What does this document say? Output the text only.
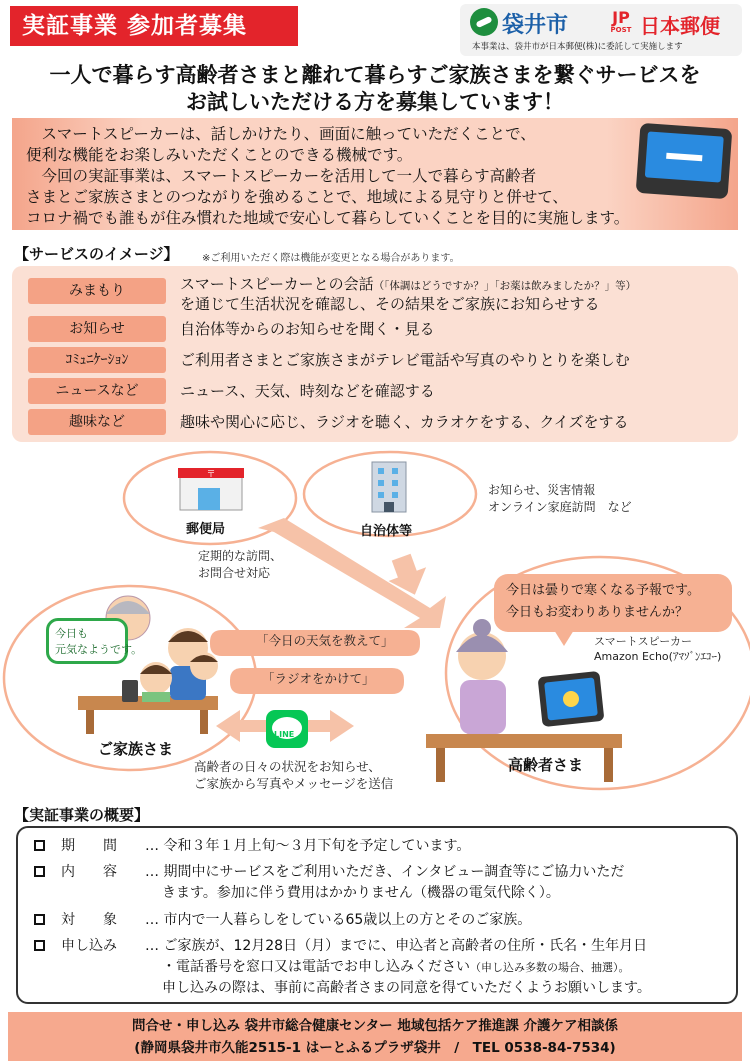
実証事業 参加者募集	袋井市	JP
POST 日本郵便
本事業は、袋井市が日本郵便(株)に委託して実施します
一人で暮らす高齢者さまと離れて暮らすご家族さまを繋ぐサービスを
お試しいただける方を募集しています！

　スマートスピーカーは、話しかけたり、画面に触っていただくことで、

便利な機能をお楽しみいただくことのできる機械です。

　今回の実証事業は、スマートスピーカーを活用して一人で暮らす高齢者

さまとご家族さまとのつながりを強めることで、地域による見守りと併せて、

コロナ禍でも誰もが住み慣れた地域で安心して暮らしていくことを目的に実施します。

【サービスのイメージ】 ※ご利用いただく際は機能が変更となる場合があります。
みまもり	スマートスピーカーとの会話（「体調はどうですか？」「お薬は飲みましたか？」等）
を通じて生活状況を確認し、その結果をご家族にお知らせする
お知らせ	自治体等からのお知らせを聞く・見る
ｺﾐｭﾆｹｰｼｮﾝ	ご利用者さまとご家族さまがテレビ電話や写真のやりとりを楽しむ
ニュースなど	ニュース、天気、時刻などを確認する
趣味など	趣味や関心に応じ、ラジオを聴く、カラオケをする、クイズをする
〒
郵便局	自治体等
お知らせ、災害情報
オンライン家庭訪問　など
定期的な訪問、
お問合せ対応
今日は曇りで寒くなる予報です。
今日もお変わりありませんか？
スマートスピーカー
Amazon Echo(ｱﾏｿﾞﾝｴｺｰ)
今日も
元気なようです。
「今日の天気を教えて」
「ラジオをかけて」
LINE
ご家族さま
高齢者さま
高齢者の日々の状況をお知らせ、
ご家族から写真やメッセージを送信
【実証事業の概要】
期　　間 … 令和３年１月上旬～３月下旬を予定しています。
内　　容 … 期間中にサービスをご利用いただき、インタビュー調査等にご協力いただ
きます。参加に伴う費用はかかりません（機器の電気代除く）。
対　　象 … 市内で一人暮らしをしている65歳以上の方とそのご家族。
申し込み … ご家族が、12月28日（月）までに、申込者と高齢者の住所・氏名・生年月日
・電話番号を窓口又は電話でお申し込みください（申し込み多数の場合、抽選）。
申し込みの際は、事前に高齢者さまの同意を得ていただくようお願いします。
問合せ・申し込み 袋井市総合健康センター 地域包括ケア推進課 介護ケア相談係
(静岡県袋井市久能2515-1 はーとふるプラザ袋井　/　TEL 0538-84-7534)
